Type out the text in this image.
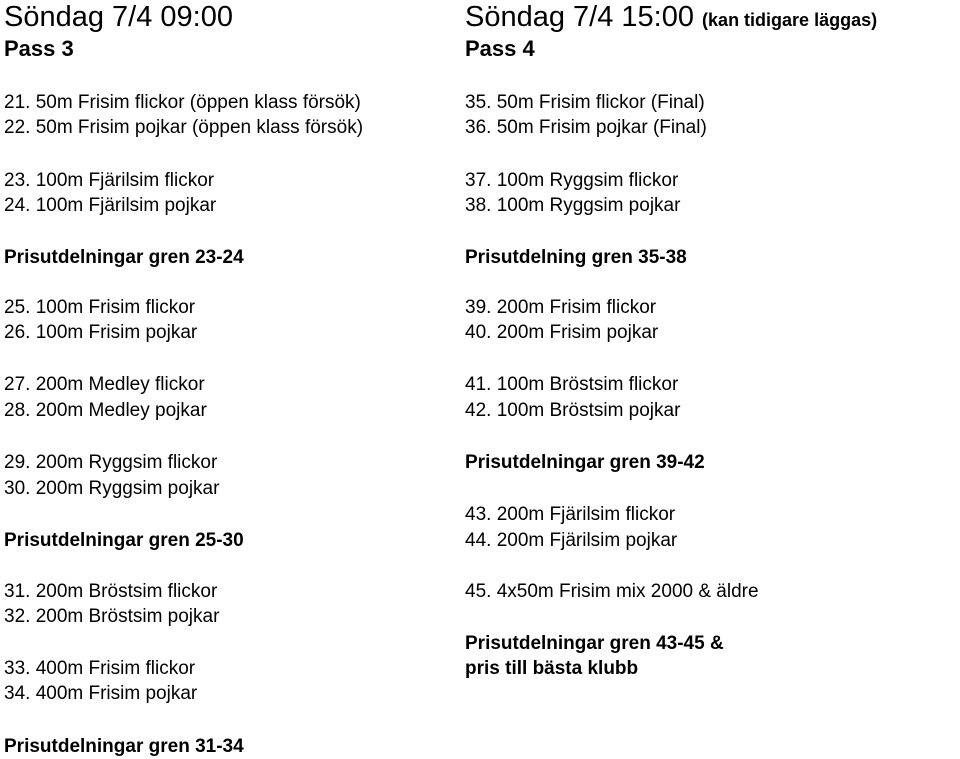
Söndag 7/4 09:00
Pass 3
21. 50m Frisim flickor (öppen klass försök)
22. 50m Frisim pojkar (öppen klass försök)
23. 100m Fjärilsim flickor
24. 100m Fjärilsim pojkar
Prisutdelningar gren 23-24
25. 100m Frisim flickor
26. 100m Frisim pojkar
27. 200m Medley flickor
28. 200m Medley pojkar
29. 200m Ryggsim flickor
30. 200m Ryggsim pojkar
Prisutdelningar gren 25-30
31. 200m Bröstsim flickor
32. 200m Bröstsim pojkar
33. 400m Frisim flickor
34. 400m Frisim pojkar
Prisutdelningar gren 31-34
Söndag 7/4 15:00 (kan tidigare läggas)
Pass 4
35. 50m Frisim flickor (Final)
36. 50m Frisim pojkar (Final)
37. 100m Ryggsim flickor
38. 100m Ryggsim pojkar
Prisutdelning gren 35-38
39. 200m Frisim flickor
40. 200m Frisim pojkar
41. 100m Bröstsim flickor
42. 100m Bröstsim pojkar
Prisutdelningar gren 39-42
43. 200m Fjärilsim flickor
44. 200m Fjärilsim pojkar
45. 4x50m Frisim mix 2000 & äldre
Prisutdelningar gren 43-45 &
pris till bästa klubb
